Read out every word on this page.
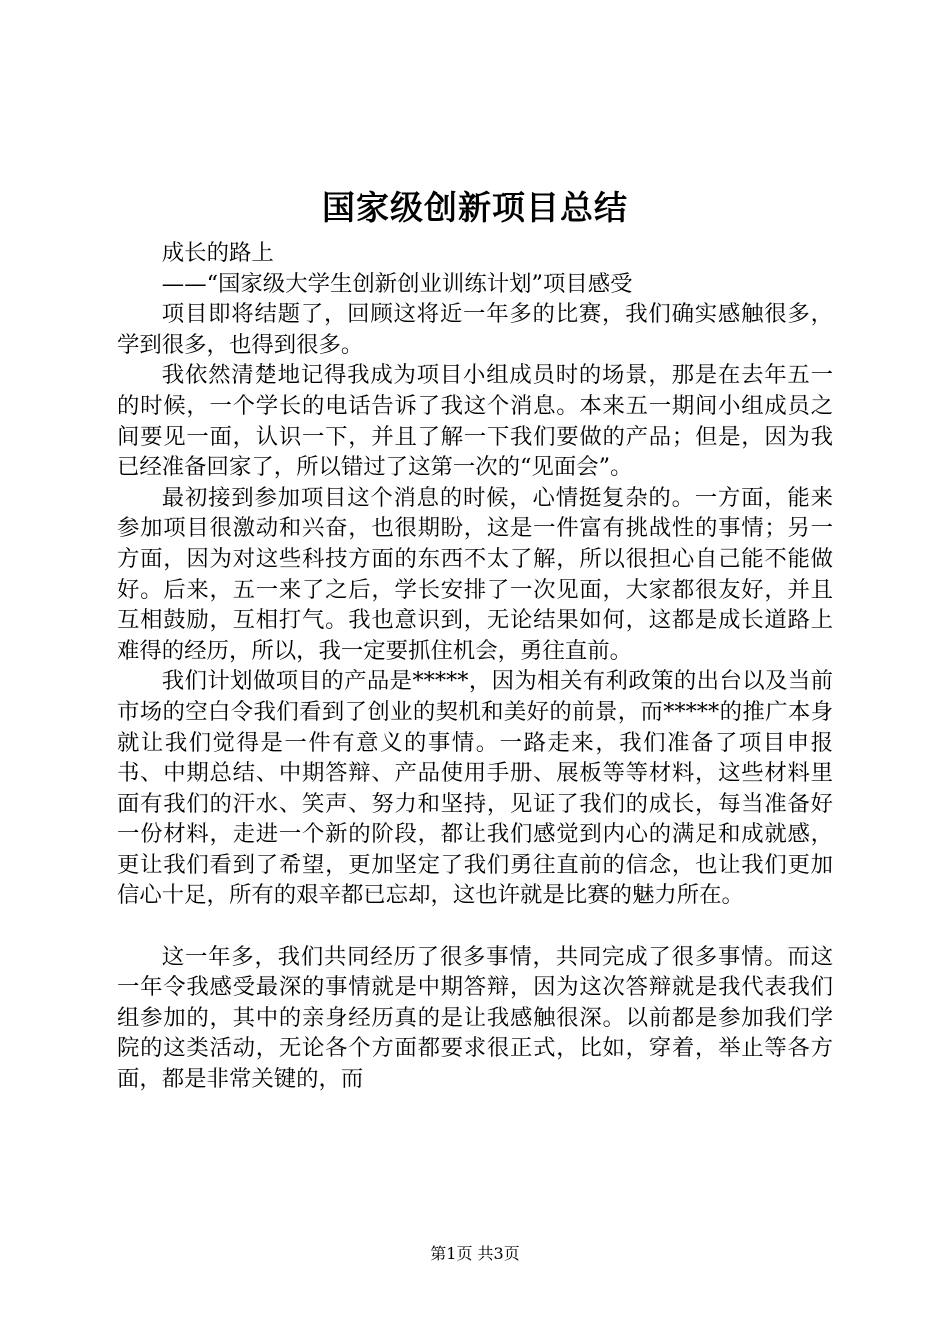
国家级创新项目总结

成长的路上

——“国家级大学生创新创业训练计划”项目感受

项目即将结题了，回顾这将近一年多的比赛，我们确实感触很多，学到很多，也得到很多。

我依然清楚地记得我成为项目小组成员时的场景，那是在去年五一的时候，一个学长的电话告诉了我这个消息。本来五一期间小组成员之间要见一面，认识一下，并且了解一下我们要做的产品；但是，因为我已经准备回家了，所以错过了这第一次的“见面会”。

最初接到参加项目这个消息的时候，心情挺复杂的。一方面，能来参加项目很激动和兴奋，也很期盼，这是一件富有挑战性的事情；另一方面，因为对这些科技方面的东西不太了解，所以很担心自己能不能做好。后来，五一来了之后，学长安排了一次见面，大家都很友好，并且互相鼓励，互相打气。我也意识到，无论结果如何，这都是成长道路上难得的经历，所以，我一定要抓住机会，勇往直前。

我们计划做项目的产品是*****，因为相关有利政策的出台以及当前市场的空白令我们看到了创业的契机和美好的前景，而*****的推广本身就让我们觉得是一件有意义的事情。一路走来，我们准备了项目申报书、中期总结、中期答辩、产品使用手册、展板等等材料，这些材料里面有我们的汗水、笑声、努力和坚持，见证了我们的成长，每当准备好一份材料，走进一个新的阶段，都让我们感觉到内心的满足和成就感，更让我们看到了希望，更加坚定了我们勇往直前的信念，也让我们更加信心十足，所有的艰辛都已忘却，这也许就是比赛的魅力所在。

这一年多，我们共同经历了很多事情，共同完成了很多事情。而这一年令我感受最深的事情就是中期答辩，因为这次答辩就是我代表我们组参加的，其中的亲身经历真的是让我感触很深。以前都是参加我们学院的这类活动，无论各个方面都要求很正式，比如，穿着，举止等各方面，都是非常关键的，而

第1页 共3页
